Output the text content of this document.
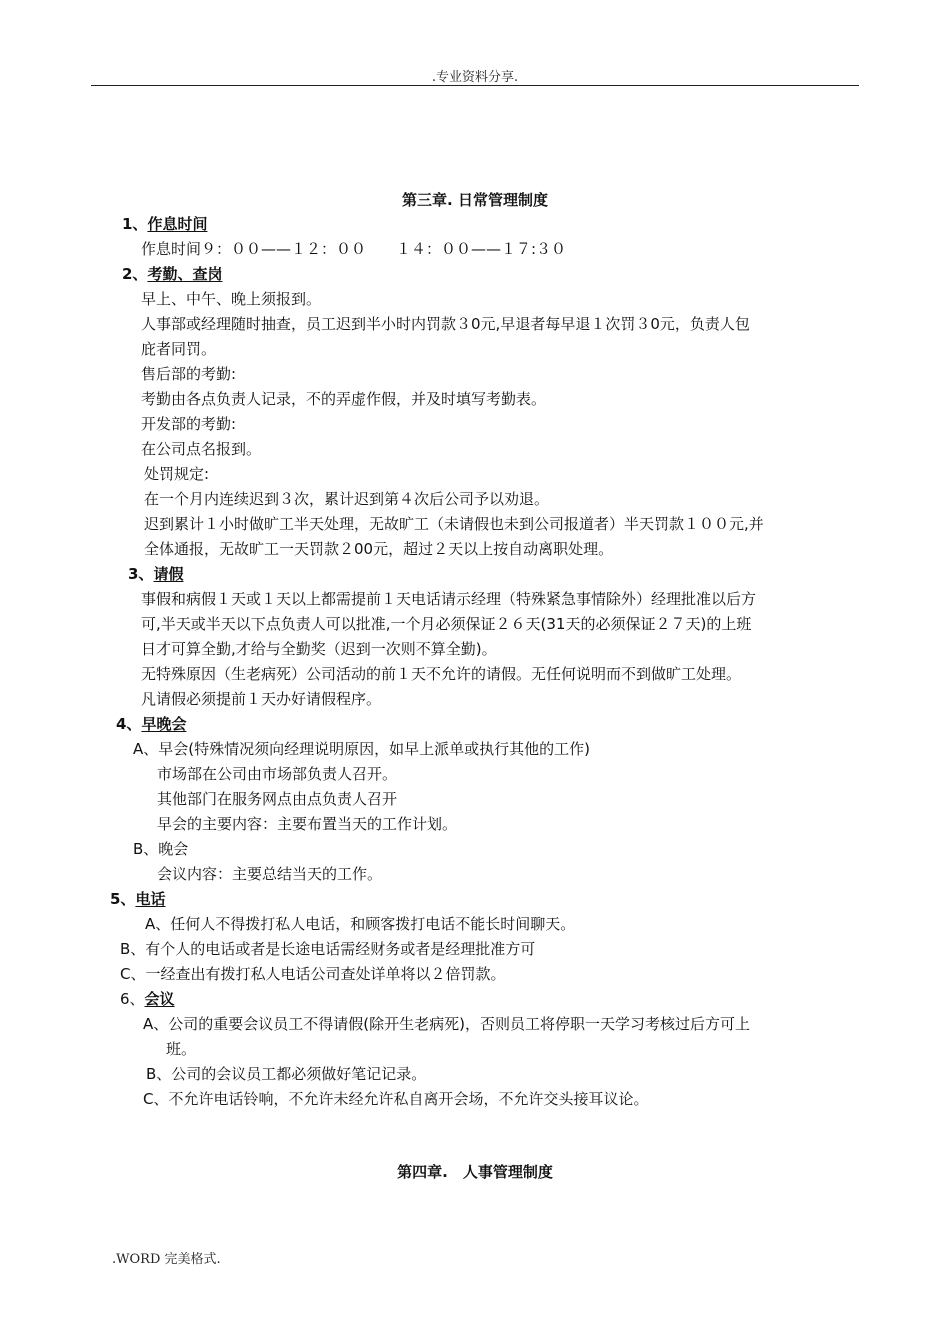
.专业资料分享.
第三章. 日常管理制度
1、作息时间
作息时间９：００——１２：００　　１４：００——１７:３０
2、考勤、查岗
早上、中午、晚上须报到。
人事部或经理随时抽查，员工迟到半小时内罚款３0元,早退者每早退１次罚３0元，负责人包
庇者同罚。
售后部的考勤:
考勤由各点负责人记录，不的弄虚作假，并及时填写考勤表。
开发部的考勤:
在公司点名报到。
处罚规定:
在一个月内连续迟到３次，累计迟到第４次后公司予以劝退。
迟到累计１小时做旷工半天处理，无故旷工（未请假也未到公司报道者）半天罚款１００元,并
全体通报，无故旷工一天罚款２00元，超过２天以上按自动离职处理。
3、请假
事假和病假１天或１天以上都需提前１天电话请示经理（特殊紧急事情除外）经理批准以后方
可,半天或半天以下点负责人可以批准,一个月必须保证２６天(31天的必须保证２７天)的上班
日才可算全勤,才给与全勤奖（迟到一次则不算全勤)。
无特殊原因（生老病死）公司活动的前１天不允许的请假。无任何说明而不到做旷工处理。
凡请假必须提前１天办好请假程序。
4、早晚会
A、早会(特殊情况须向经理说明原因，如早上派单或执行其他的工作)
市场部在公司由市场部负责人召开。
其他部门在服务网点由点负责人召开
早会的主要内容：主要布置当天的工作计划。
B、晚会
会议内容：主要总结当天的工作。
5、电话
A、任何人不得拨打私人电话，和顾客拨打电话不能长时间聊天。
B、有个人的电话或者是长途电话需经财务或者是经理批准方可
C、一经查出有拨打私人电话公司查处详单将以２倍罚款。
6、会议
A、公司的重要会议员工不得请假(除开生老病死)，否则员工将停职一天学习考核过后方可上
班。
B、公司的会议员工都必须做好笔记记录。
C、不允许电话铃响，不允许未经允许私自离开会场，不允许交头接耳议论。
第四章.　人事管理制度
.WORD 完美格式.
